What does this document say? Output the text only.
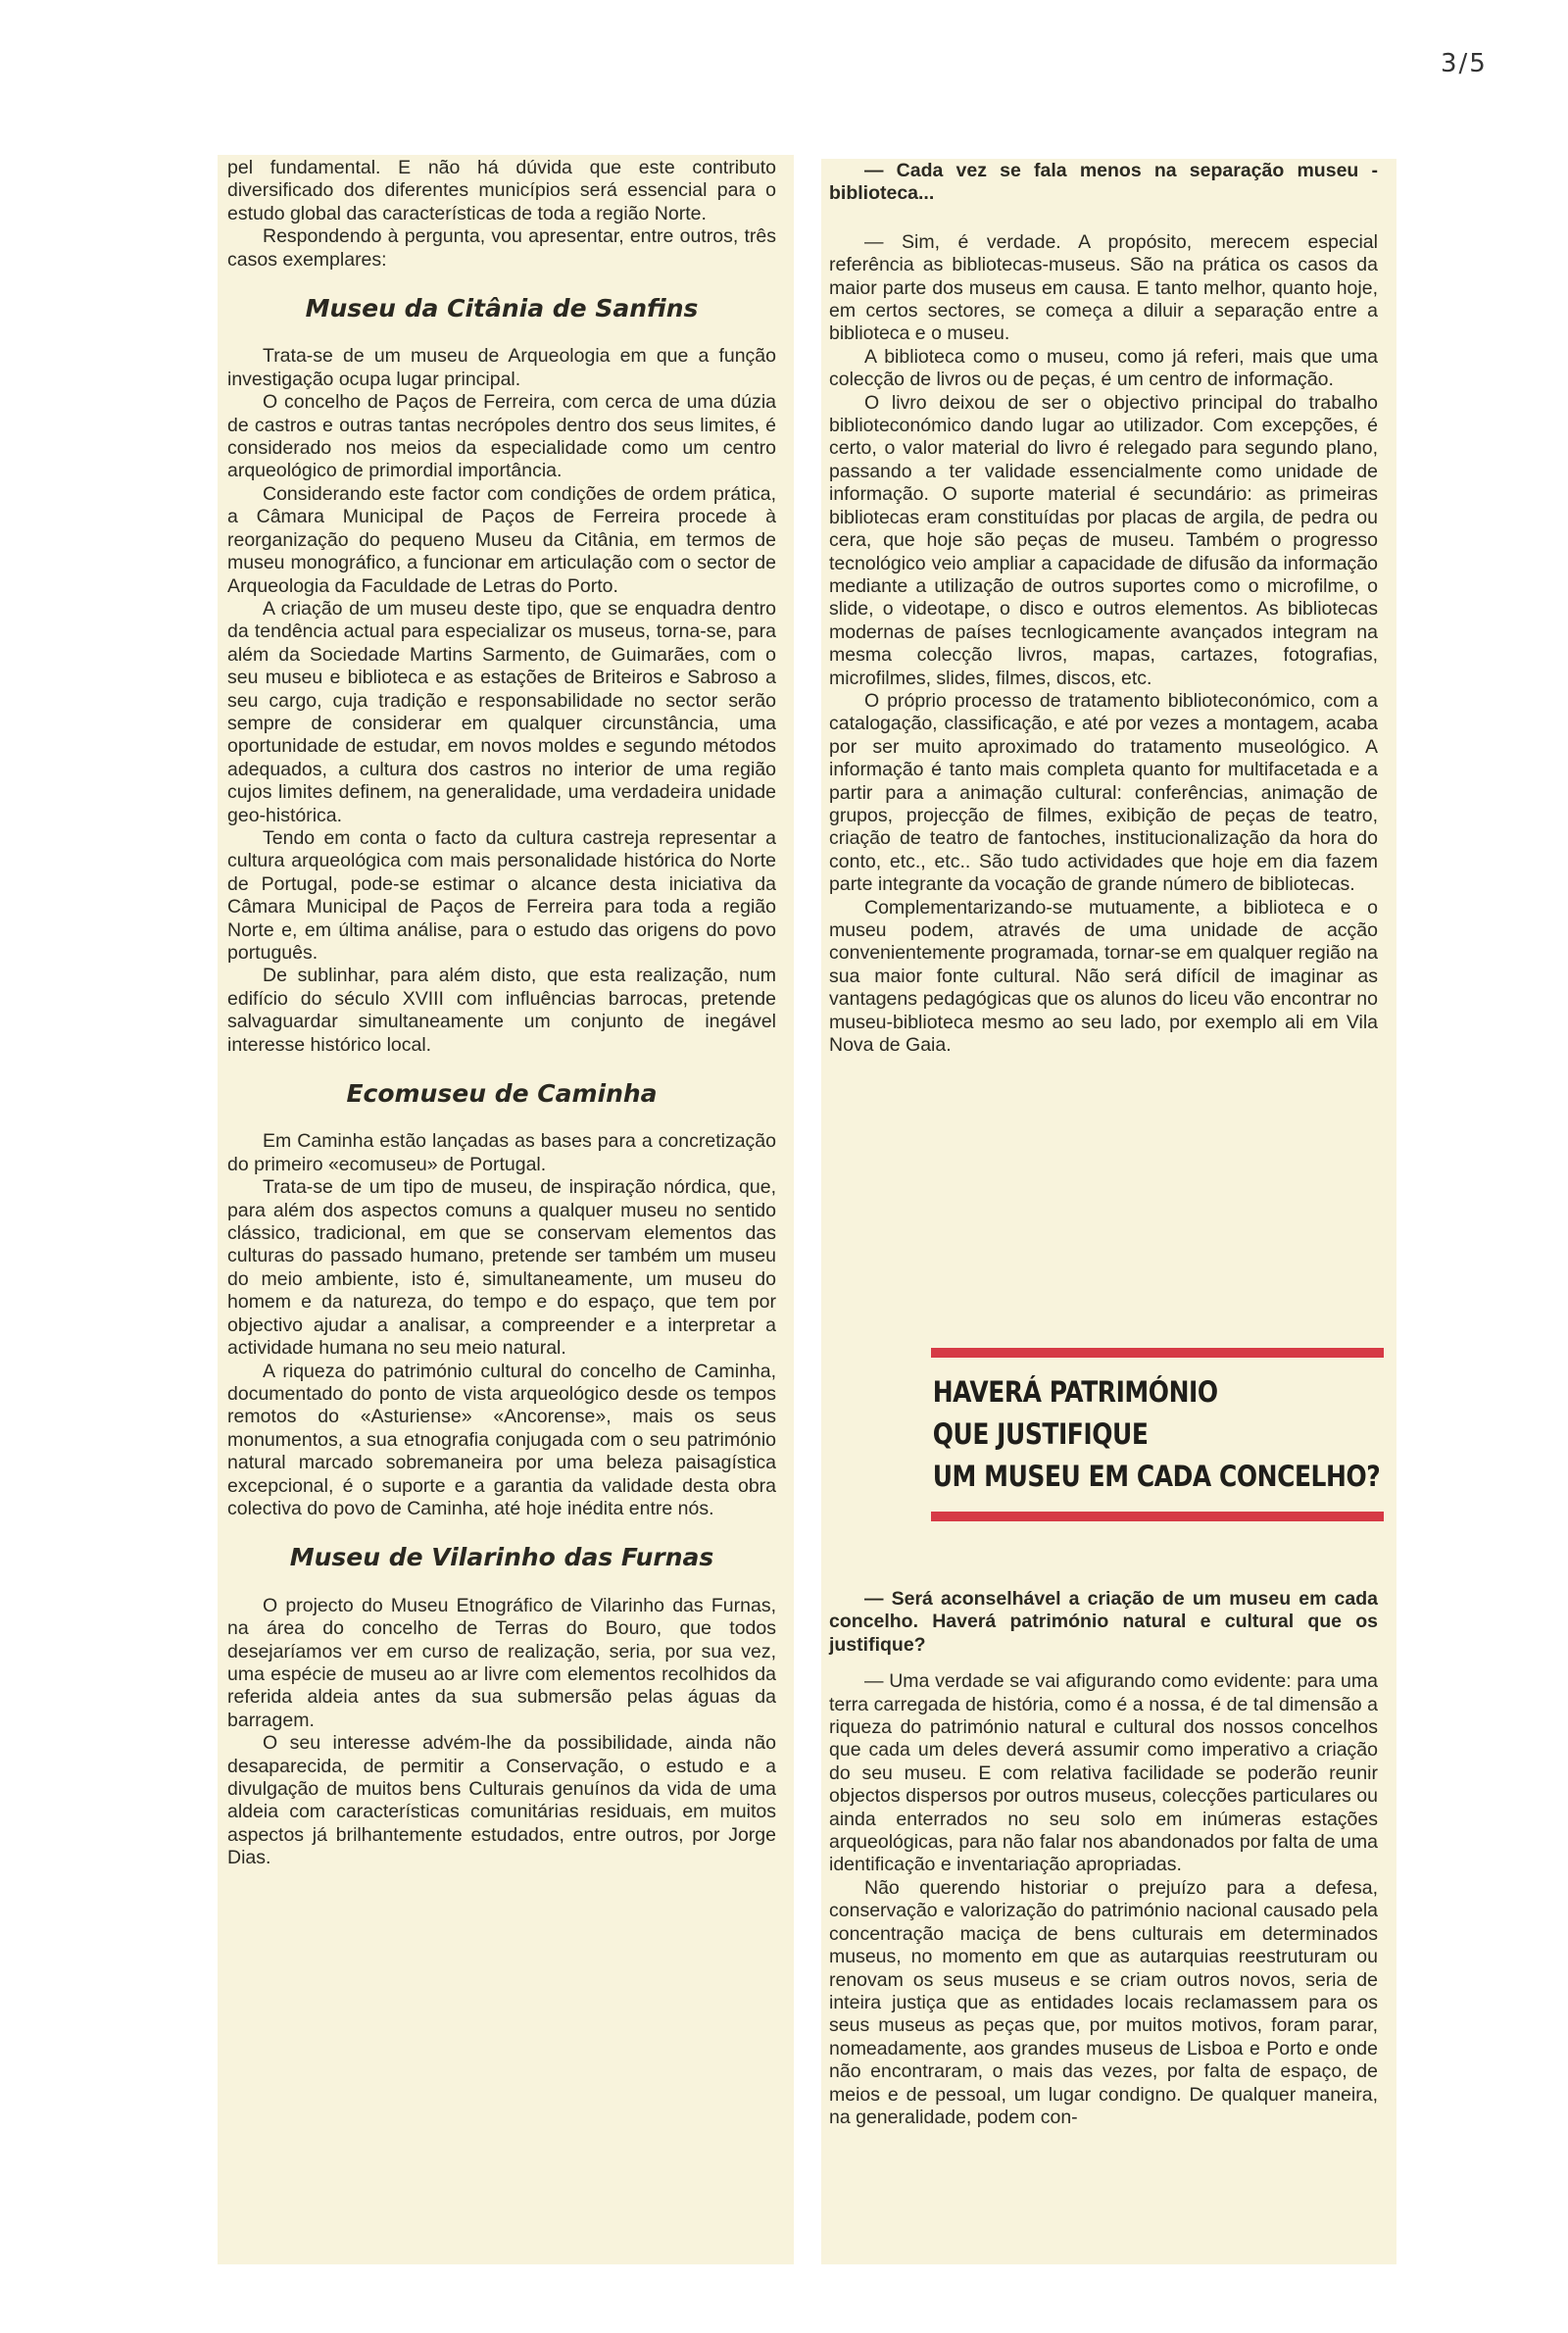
3/5

pel fundamental. E não há dúvida que este contributo diversificado dos diferentes municípios será essencial para o estudo global das características de toda a região Norte.

Respondendo à pergunta, vou apresentar, entre outros, três casos exemplares:

Museu da Citânia de Sanfins

Trata-se de um museu de Arqueologia em que a função investigação ocupa lugar principal.

O concelho de Paços de Ferreira, com cerca de uma dúzia de castros e outras tantas necrópoles dentro dos seus limites, é considerado nos meios da especialidade como um centro arqueológico de primordial importância.

Considerando este factor com condições de ordem prática, a Câmara Municipal de Paços de Ferreira procede à reorganização do pequeno Museu da Citânia, em termos de museu monográfico, a funcionar em articulação com o sector de Arqueologia da Faculdade de Letras do Porto.

A criação de um museu deste tipo, que se enquadra dentro da tendência actual para especializar os museus, torna-se, para além da Sociedade Martins Sarmento, de Guimarães, com o seu museu e biblioteca e as estações de Briteiros e Sabroso a seu cargo, cuja tradição e responsabilidade no sector serão sempre de considerar em qualquer circunstância, uma oportunidade de estudar, em novos moldes e segundo métodos adequados, a cultura dos castros no interior de uma região cujos limites definem, na generalidade, uma verdadeira unidade geo-histórica.

Tendo em conta o facto da cultura castreja representar a cultura arqueológica com mais personalidade histórica do Norte de Portugal, pode-se estimar o alcance desta iniciativa da Câmara Municipal de Paços de Ferreira para toda a região Norte e, em última análise, para o estudo das origens do povo português.

De sublinhar, para além disto, que esta realização, num edifício do século XVIII com influências barrocas, pretende salvaguardar simultaneamente um conjunto de inegável interesse histórico local.

Ecomuseu de Caminha

Em Caminha estão lançadas as bases para a concretização do primeiro «ecomuseu» de Portugal.

Trata-se de um tipo de museu, de inspiração nórdica, que, para além dos aspectos comuns a qualquer museu no sentido clássico, tradicional, em que se conservam elementos das culturas do passado humano, pretende ser também um museu do meio ambiente, isto é, simultaneamente, um museu do homem e da natureza, do tempo e do espaço, que tem por objectivo ajudar a analisar, a compreender e a interpretar a actividade humana no seu meio natural.

A riqueza do património cultural do concelho de Caminha, documentado do ponto de vista arqueológico desde os tempos remotos do «Asturiense» «Ancorense», mais os seus monumentos, a sua etnografia conjugada com o seu património natural marcado sobremaneira por uma beleza paisagística excepcional, é o suporte e a garantia da validade desta obra colectiva do povo de Caminha, até hoje inédita entre nós.

Museu de Vilarinho das Furnas

O projecto do Museu Etnográfico de Vilarinho das Furnas, na área do concelho de Terras do Bouro, que todos desejaríamos ver em curso de realização, seria, por sua vez, uma espécie de museu ao ar livre com elementos recolhidos da referida aldeia antes da sua submersão pelas águas da barragem.

O seu interesse advém-lhe da possibilidade, ainda não desaparecida, de permitir a Conservação, o estudo e a divulgação de muitos bens Culturais genuínos da vida de uma aldeia com características comunitárias residuais, em muitos aspectos já brilhantemente estudados, entre outros, por Jorge Dias.

— Cada vez se fala menos na separação museu - biblioteca...

— Sim, é verdade. A propósito, merecem especial referência as bibliotecas-museus. São na prática os casos da maior parte dos museus em causa. E tanto melhor, quanto hoje, em certos sectores, se começa a diluir a separação entre a biblioteca e o museu.

A biblioteca como o museu, como já referi, mais que uma colecção de livros ou de peças, é um centro de informação.

O livro deixou de ser o objectivo principal do trabalho biblioteconómico dando lugar ao utilizador. Com excepções, é certo, o valor material do livro é relegado para segundo plano, passando a ter validade essencialmente como unidade de informação. O suporte material é secundário: as primeiras bibliotecas eram constituídas por placas de argila, de pedra ou cera, que hoje são peças de museu. Também o progresso tecnológico veio ampliar a capacidade de difusão da informação mediante a utilização de outros suportes como o microfilme, o slide, o videotape, o disco e outros elementos. As bibliotecas modernas de países tecnlogicamente avançados integram na mesma colecção livros, mapas, cartazes, fotografias, microfilmes, slides, filmes, discos, etc.

O próprio processo de tratamento biblioteconómico, com a catalogação, classificação, e até por vezes a montagem, acaba por ser muito aproximado do tratamento museológico. A informação é tanto mais completa quanto for multifacetada e a partir para a animação cultural: conferências, animação de grupos, projecção de filmes, exibição de peças de teatro, criação de teatro de fantoches, institucionalização da hora do conto, etc., etc.. São tudo actividades que hoje em dia fazem parte integrante da vocação de grande número de bibliotecas.

Complementarizando-se mutuamente, a biblioteca e o museu podem, através de uma unidade de acção convenientemente programada, tornar-se em qualquer região na sua maior fonte cultural. Não será difícil de imaginar as vantagens pedagógicas que os alunos do liceu vão encontrar no museu-biblioteca mesmo ao seu lado, por exemplo ali em Vila Nova de Gaia.

HAVERÁ PATRIMÓNIO
QUE JUSTIFIQUE
UM MUSEU EM CADA CONCELHO?

— Será aconselhável a criação de um museu em cada concelho. Haverá património natural e cultural que os justifique?

— Uma verdade se vai afigurando como evidente: para uma terra carregada de história, como é a nossa, é de tal dimensão a riqueza do património natural e cultural dos nossos concelhos que cada um deles deverá assumir como imperativo a criação do seu museu. E com relativa facilidade se poderão reunir objectos dispersos por outros museus, colecções particulares ou ainda enterrados no seu solo em inúmeras estações arqueológicas, para não falar nos abandonados por falta de uma identificação e inventariação apropriadas.

Não querendo historiar o prejuízo para a defesa, conservação e valorização do património nacional causado pela concentração maciça de bens culturais em determinados museus, no momento em que as autarquias reestruturam ou renovam os seus museus e se criam outros novos, seria de inteira justiça que as entidades locais reclamassem para os seus museus as peças que, por muitos motivos, foram parar, nomeadamente, aos grandes museus de Lisboa e Porto e onde não encontraram, o mais das vezes, por falta de espaço, de meios e de pessoal, um lugar condigno. De qualquer maneira, na generalidade, podem con-
